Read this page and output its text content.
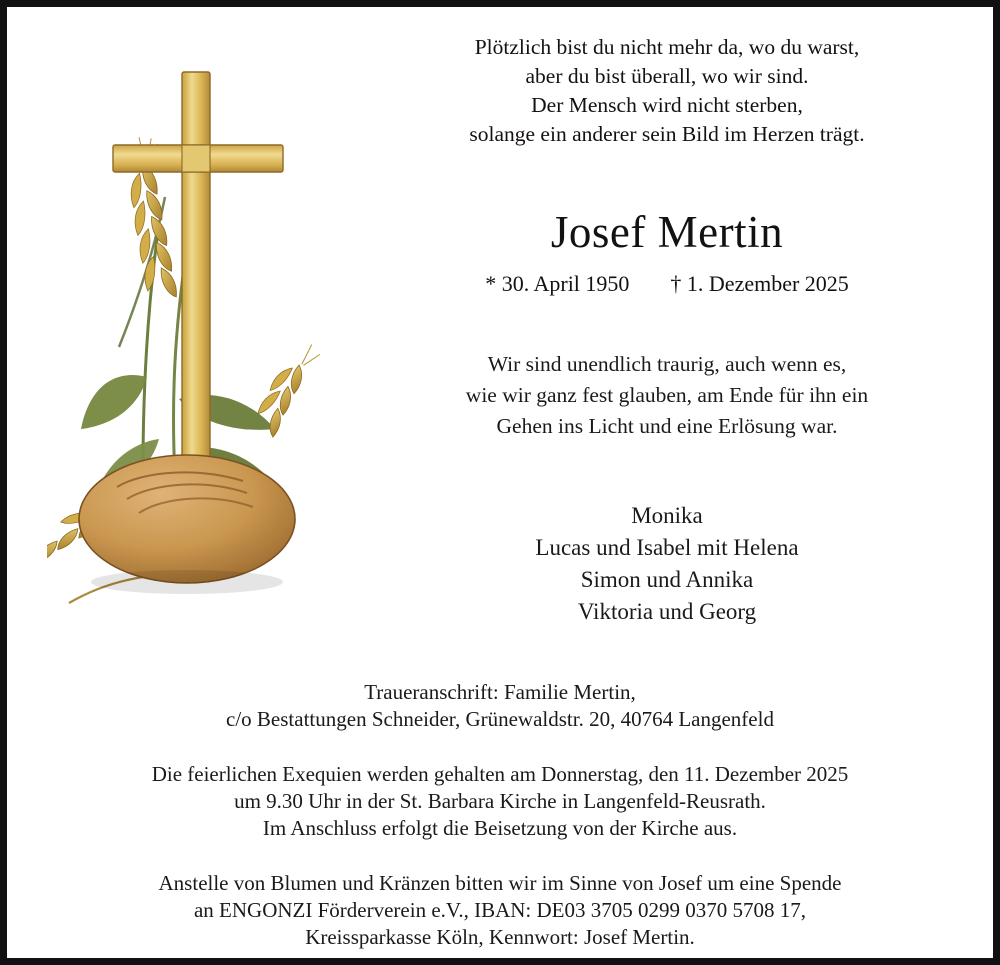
Plötzlich bist du nicht mehr da, wo du warst,
aber du bist überall, wo wir sind.
Der Mensch wird nicht sterben,
solange ein anderer sein Bild im Herzen trägt.
Josef Mertin
* 30. April 1950 † 1. Dezember 2025
Wir sind unendlich traurig, auch wenn es,
wie wir ganz fest glauben, am Ende für ihn ein
Gehen ins Licht und eine Erlösung war.
Monika
Lucas und Isabel mit Helena
Simon und Annika
Viktoria und Georg
Traueranschrift: Familie Mertin,
c/o Bestattungen Schneider, Grünewaldstr. 20, 40764 Langenfeld
Die feierlichen Exequien werden gehalten am Donnerstag, den 11. Dezember 2025
um 9.30 Uhr in der St. Barbara Kirche in Langenfeld-Reusrath.
Im Anschluss erfolgt die Beisetzung von der Kirche aus.
Anstelle von Blumen und Kränzen bitten wir im Sinne von Josef um eine Spende
an ENGONZI Förderverein e.V., IBAN: DE03 3705 0299 0370 5708 17,
Kreissparkasse Köln, Kennwort: Josef Mertin.
